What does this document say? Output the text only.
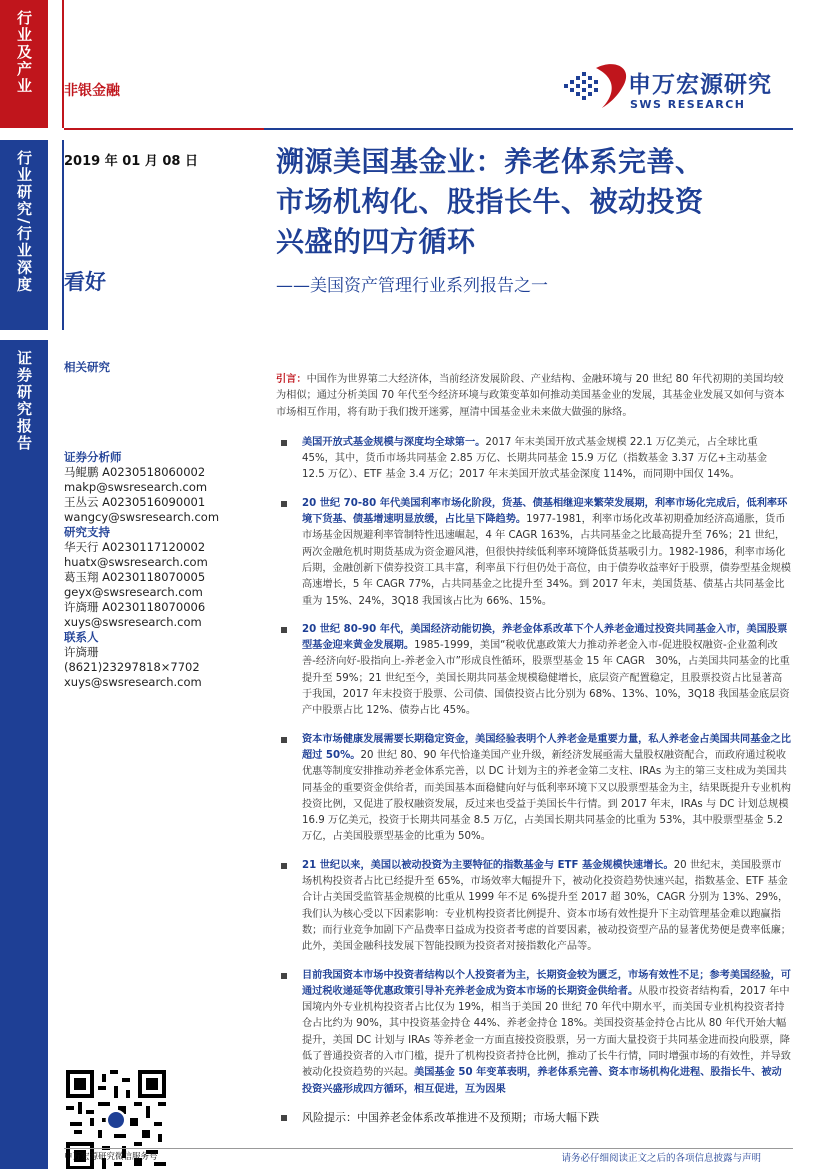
行业及产业
行业研究/行业深度
证券研究报告
非银金融	申万宏源研究
SWS RESEARCH
2019 年 01 月 08 日
看好
溯源美国基金业：养老体系完善、
市场机构化、股指长牛、被动投资
兴盛的四方循环
——美国资产管理行业系列报告之一
相关研究
证券分析师
马鲲鹏 A0230518060002
makp@swsresearch.com
王丛云 A0230516090001
wangcy@swsresearch.com
研究支持
华天行 A0230117120002
huatx@swsresearch.com
葛玉翔 A0230118070005
geyx@swsresearch.com
许旖珊 A0230118070006
xuys@swsresearch.com
联系人
许旖珊
(8621)23297818×7702
xuys@swsresearch.com
申万宏源研究微信服务号
引言：中国作为世界第二大经济体，当前经济发展阶段、产业结构、金融环境与 20 世纪 80 年代初期的美国均较为相似；通过分析美国 70 年代至今经济环境与政策变革如何推动美国基金业的发展，其基金业发展又如何与资本市场相互作用，将有助于我们拨开迷雾，厘清中国基金业未来做大做强的脉络。
美国开放式基金规模与深度均全球第一。2017 年末美国开放式基金规模 22.1 万亿美元，占全球比重 45%，其中，货币市场共同基金 2.85 万亿、长期共同基金 15.9 万亿（指数基金 3.37 万亿+主动基金 12.5 万亿）、ETF 基金 3.4 万亿；2017 年末美国开放式基金深度 114%，而同期中国仅 14%。
20 世纪 70-80 年代美国利率市场化阶段，货基、债基相继迎来繁荣发展期，利率市场化完成后，低利率环境下货基、债基增速明显放缓，占比呈下降趋势。1977-1981，利率市场化改革初期叠加经济高通胀，货币市场基金因规避利率管制特性迅速崛起，4 年 CAGR 163%，占共同基金之比最高提升至 76%；21 世纪，两次金融危机时期货基成为资金避风港，但很快持续低利率环境降低货基吸引力。1982-1986，利率市场化后期，金融创新下债券投资工具丰富，利率虽下行但仍处于高位，由于债券收益率好于股票，债券型基金规模高速增长，5 年 CAGR 77%，占共同基金之比提升至 34%。到 2017 年末，美国货基、债基占共同基金比重为 15%、24%，3Q18 我国该占比为 66%、15%。
20 世纪 80-90 年代，美国经济动能切换，养老金体系改革下个人养老金通过投资共同基金入市，美国股票型基金迎来黄金发展期。1985-1999，美国“税收优惠政策大力推动养老金入市-促进股权融资-企业盈利改善-经济向好-股指向上-养老金入市”形成良性循环，股票型基金 15 年 CAGR　30%，占美国共同基金的比重提升至 59%；21 世纪至今，美国长期共同基金规模稳健增长，底层资产配置稳定，且股票投资占比显著高于我国，2017 年末投资于股票、公司债、国债投资占比分别为 68%、13%、10%，3Q18 我国基金底层资产中股票占比 12%、债券占比 45%。
资本市场健康发展需要长期稳定资金，美国经验表明个人养老金是重要力量，私人养老金占美国共同基金之比超过 50%。20 世纪 80、90 年代恰逢美国产业升级，新经济发展亟需大量股权融资配合，而政府通过税收优惠等制度安排推动养老金体系完善，以 DC 计划为主的养老金第二支柱、IRAs 为主的第三支柱成为美国共同基金的重要资金供给者，而美国基本面稳健向好与低利率环境下又以股票型基金为主，结果既提升专业机构投资比例，又促进了股权融资发展，反过来也受益于美国长牛行情。到 2017 年末，IRAs 与 DC 计划总规模 16.9 万亿美元，投资于长期共同基金 8.5 万亿，占美国长期共同基金的比重为 53%，其中股票型基金 5.2 万亿，占美国股票型基金的比重为 50%。
21 世纪以来，美国以被动投资为主要特征的指数基金与 ETF 基金规模快速增长。20 世纪末，美国股票市场机构投资者占比已经提升至 65%，市场效率大幅提升下，被动化投资趋势快速兴起，指数基金、ETF 基金合计占美国受监管基金规模的比重从 1999 年不足 6%提升至 2017 超 30%，CAGR 分别为 13%、29%，我们认为核心受以下因素影响：专业机构投资者比例提升、资本市场有效性提升下主动管理基金难以跑赢指数；而行业竞争加剧下产品费率日益成为投资者考虑的首要因素，被动投资型产品的显著优势便是费率低廉；此外，美国金融科技发展下智能投顾为投资者对接指数化产品等。
目前我国资本市场中投资者结构以个人投资者为主，长期资金较为匮乏，市场有效性不足；参考美国经验，可通过税收递延等优惠政策引导补充养老金成为资本市场的长期资金供给者。从股市投资者结构看，2017 年中国境内外专业机构投资者占比仅为 19%，相当于美国 20 世纪 70 年代中期水平，而美国专业机构投资者持仓占比约为 90%，其中投资基金持仓 44%、养老金持仓 18%。美国投资基金持仓占比从 80 年代开始大幅提升，美国 DC 计划与 IRAs 等养老金一方面直接投资股票，另一方面大量投资于共同基金进而投向股票，降低了普通投资者的入市门槛，提升了机构投资者持仓比例，推动了长牛行情，同时增强市场的有效性，并导致被动化投资趋势的兴起。美国基金 50 年变革表明，养老体系完善、资本市场机构化进程、股指长牛、被动投资兴盛形成四方循环，相互促进，互为因果
风险提示：中国养老金体系改革推进不及预期；市场大幅下跌
请务必仔细阅读正文之后的各项信息披露与声明
